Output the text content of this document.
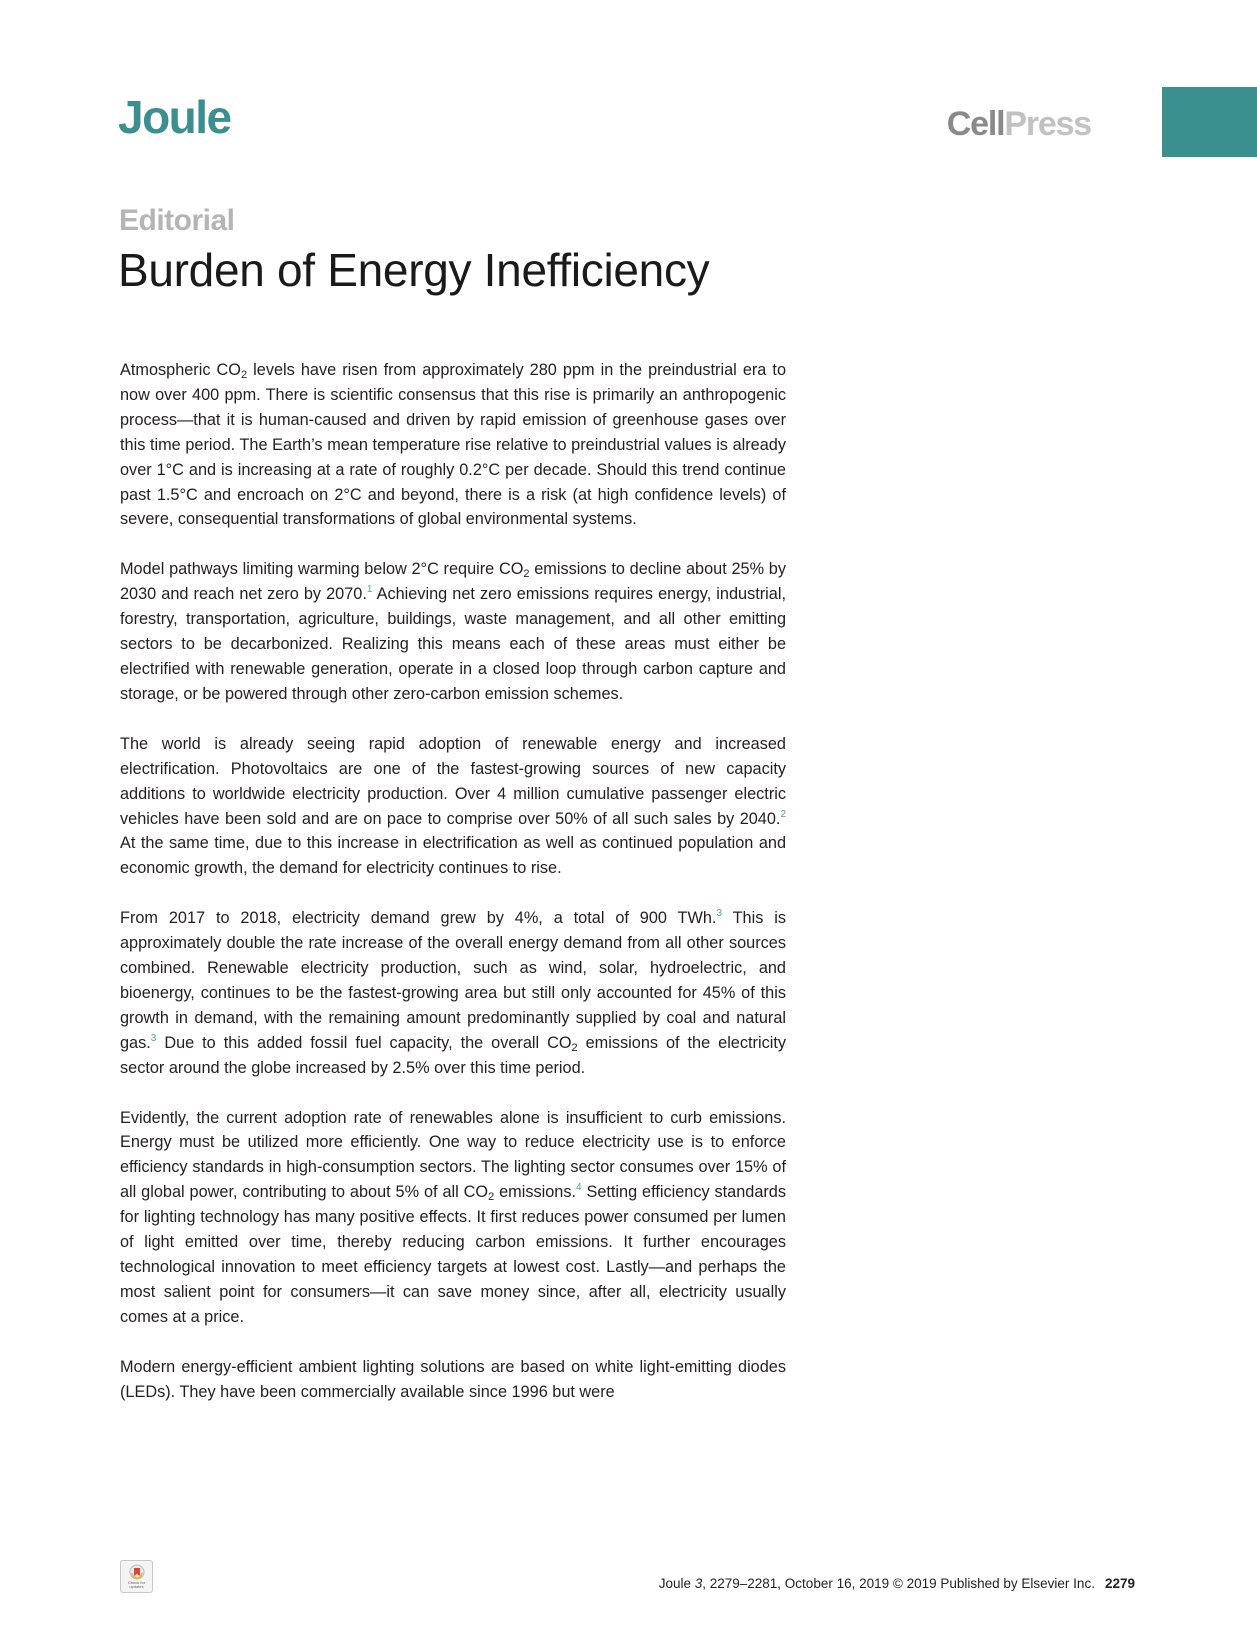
Joule	CellPress
Editorial
Burden of Energy Inefficiency

Atmospheric $CO_2$ levels have risen from approximately 280 ppm in the preindustrial era to now over 400 ppm. There is scientific consensus that this rise is primarily an anthropogenic process—that it is human-caused and driven by rapid emission of greenhouse gases over this time period. The Earth’s mean temperature rise relative to preindustrial values is already over 1°C and is increasing at a rate of roughly 0.2°C per decade. Should this trend continue past 1.5°C and encroach on 2°C and beyond, there is a risk (at high confidence levels) of severe, consequential transformations of global environmental systems.

Model pathways limiting warming below 2°C require $CO_2$ emissions to decline about 25% by 2030 and reach net zero by 2070.$^1$ Achieving net zero emissions requires energy, industrial, forestry, transportation, agriculture, buildings, waste management, and all other emitting sectors to be decarbonized. Realizing this means each of these areas must either be electrified with renewable generation, operate in a closed loop through carbon capture and storage, or be powered through other zero-carbon emission schemes.

The world is already seeing rapid adoption of renewable energy and increased electrification. Photovoltaics are one of the fastest-growing sources of new capacity additions to worldwide electricity production. Over 4 million cumulative passenger electric vehicles have been sold and are on pace to comprise over 50% of all such sales by 2040.$^2$ At the same time, due to this increase in electrification as well as continued population and economic growth, the demand for electricity continues to rise.

From 2017 to 2018, electricity demand grew by 4%, a total of 900 TWh.$^3$ This is approximately double the rate increase of the overall energy demand from all other sources combined. Renewable electricity production, such as wind, solar, hydroelectric, and bioenergy, continues to be the fastest-growing area but still only accounted for 45% of this growth in demand, with the remaining amount predominantly supplied by coal and natural gas.$^3$ Due to this added fossil fuel capacity, the overall $CO_2$ emissions of the electricity sector around the globe increased by 2.5% over this time period.

Evidently, the current adoption rate of renewables alone is insufficient to curb emissions. Energy must be utilized more efficiently. One way to reduce electricity use is to enforce efficiency standards in high-consumption sectors. The lighting sector consumes over 15% of all global power, contributing to about 5% of all $CO_2$ emissions.$^4$ Setting efficiency standards for lighting technology has many positive effects. It first reduces power consumed per lumen of light emitted over time, thereby reducing carbon emissions. It further encourages technological innovation to meet efficiency targets at lowest cost. Lastly—and perhaps the most salient point for consumers—it can save money since, after all, electricity usually comes at a price.

Modern energy-efficient ambient lighting solutions are based on white light-emitting diodes (LEDs). They have been commercially available since 1996 but were

Check for updates	Joule 3, 2279–2281, October 16, 2019 © 2019 Published by Elsevier Inc. 2279
